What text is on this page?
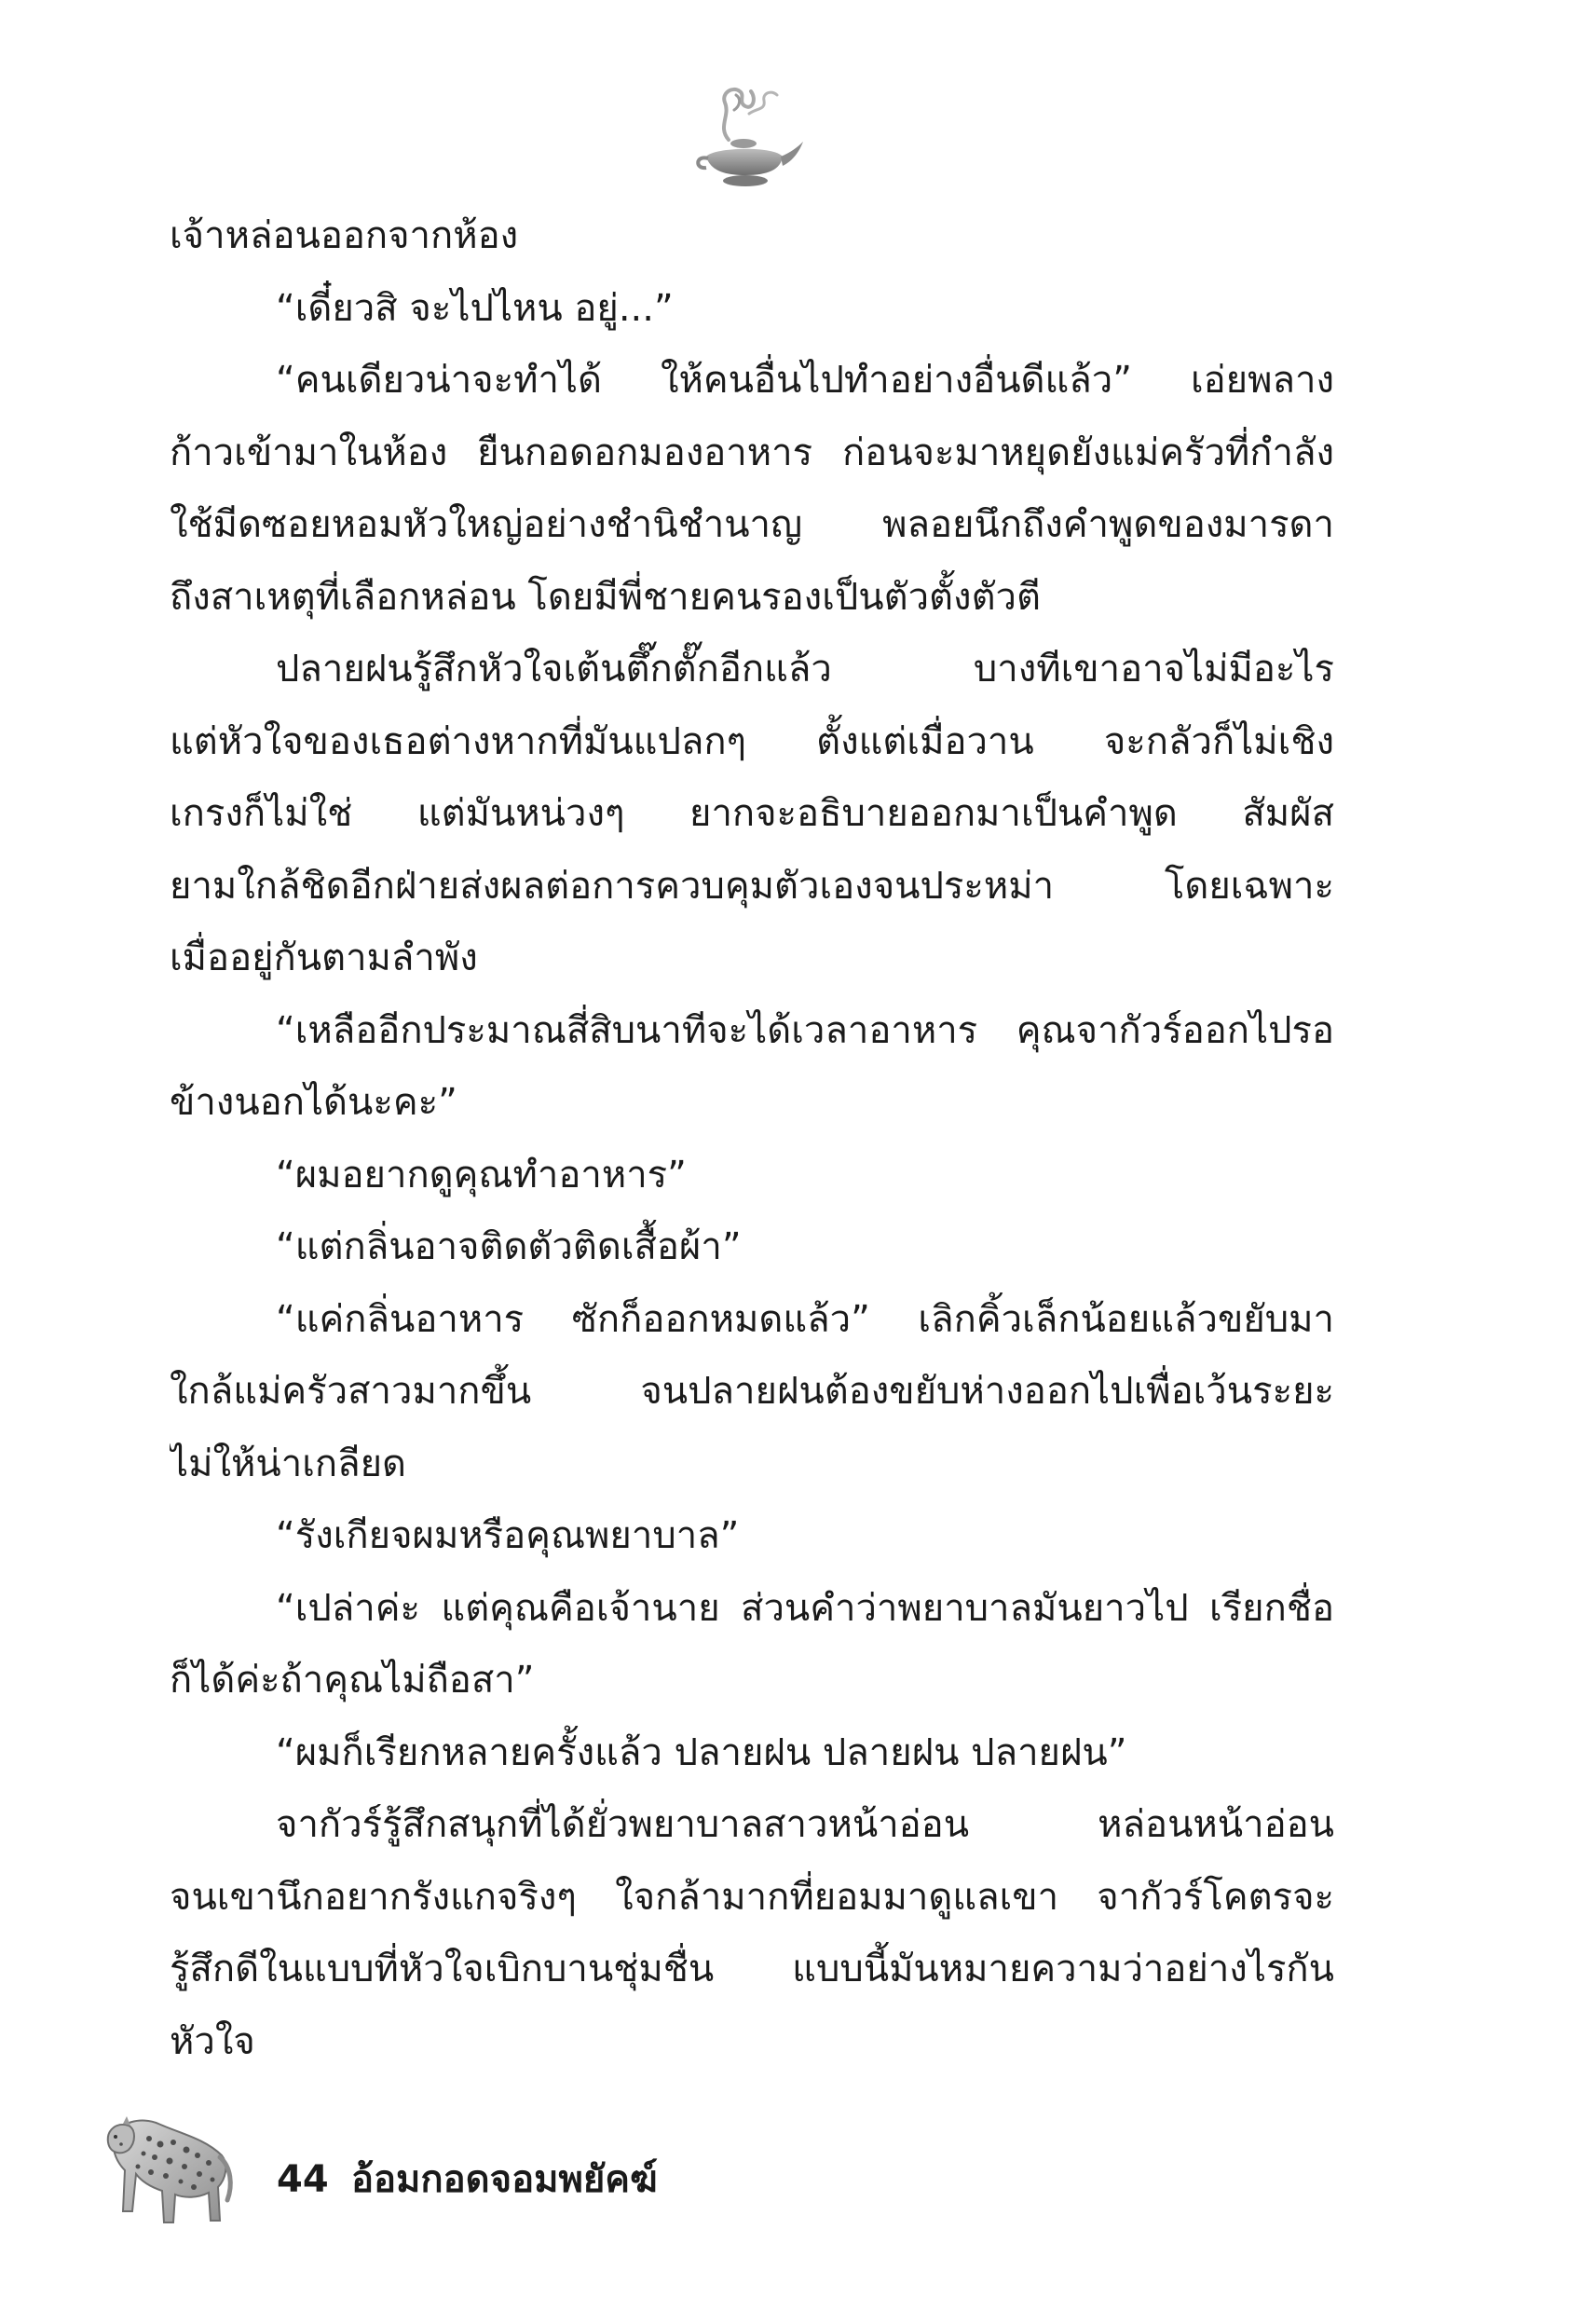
เจ้าหล่อนออกจากห้อง
“เดี๋ยวสิ จะไปไหน อยู่...”
“คนเดียวน่าจะทำได้ ให้คนอื่นไปทำอย่างอื่นดีแล้ว” เอ่ยพลาง
ก้าวเข้ามาในห้อง ยืนกอดอกมองอาหาร ก่อนจะมาหยุดยังแม่ครัวที่กำลัง
ใช้มีดซอยหอมหัวใหญ่อย่างชำนิชำนาญ พลอยนึกถึงคำพูดของมารดา
ถึงสาเหตุที่เลือกหล่อน โดยมีพี่ชายคนรองเป็นตัวตั้งตัวตี
ปลายฝนรู้สึกหัวใจเต้นตึ๊กตั๊กอีกแล้ว บางทีเขาอาจไม่มีอะไร
แต่หัวใจของเธอต่างหากที่มันแปลกๆ ตั้งแต่เมื่อวาน จะกลัวก็ไม่เชิง
เกรงก็ไม่ใช่ แต่มันหน่วงๆ ยากจะอธิบายออกมาเป็นคำพูด สัมผัส
ยามใกล้ชิดอีกฝ่ายส่งผลต่อการควบคุมตัวเองจนประหม่า โดยเฉพาะ
เมื่ออยู่กันตามลำพัง
“เหลืออีกประมาณสี่สิบนาทีจะได้เวลาอาหาร คุณจากัวร์ออกไปรอ
ข้างนอกได้นะคะ”
“ผมอยากดูคุณทำอาหาร”
“แต่กลิ่นอาจติดตัวติดเสื้อผ้า”
“แค่กลิ่นอาหาร ซักก็ออกหมดแล้ว” เลิกคิ้วเล็กน้อยแล้วขยับมา
ใกล้แม่ครัวสาวมากขึ้น จนปลายฝนต้องขยับห่างออกไปเพื่อเว้นระยะ
ไม่ให้น่าเกลียด
“รังเกียจผมหรือคุณพยาบาล”
“เปล่าค่ะ แต่คุณคือเจ้านาย ส่วนคำว่าพยาบาลมันยาวไป เรียกชื่อ
ก็ได้ค่ะถ้าคุณไม่ถือสา”
“ผมก็เรียกหลายครั้งแล้ว ปลายฝน ปลายฝน ปลายฝน”
จากัวร์รู้สึกสนุกที่ได้ยั่วพยาบาลสาวหน้าอ่อน หล่อนหน้าอ่อน
จนเขานึกอยากรังแกจริงๆ ใจกล้ามากที่ยอมมาดูแลเขา จากัวร์โคตรจะ
รู้สึกดีในแบบที่หัวใจเบิกบานชุ่มชื่น แบบนี้มันหมายความว่าอย่างไรกัน
หัวใจ
44 อ้อมกอดจอมพยัคฆ์
